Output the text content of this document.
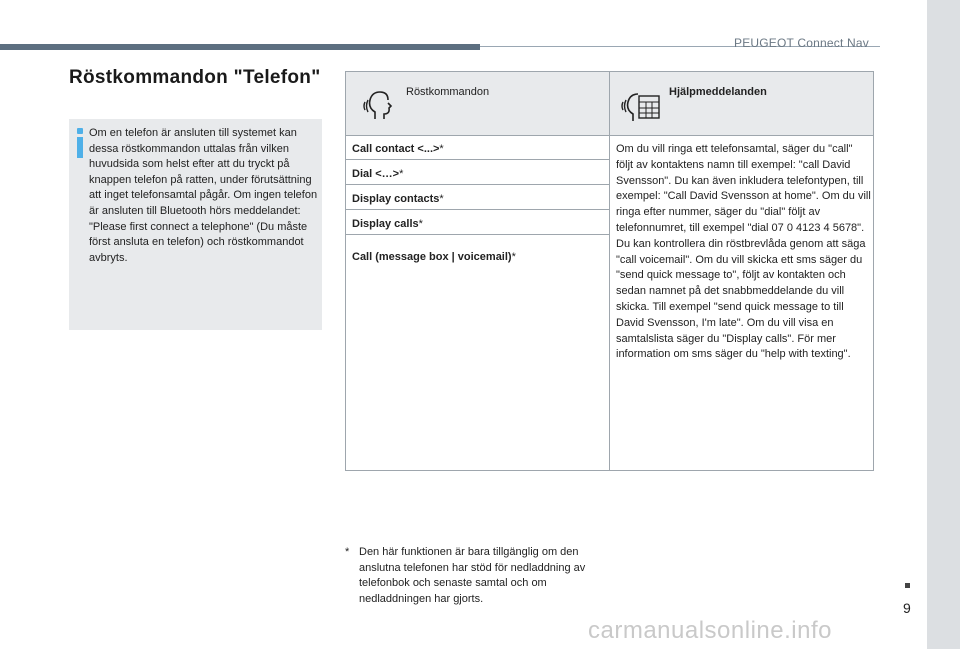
PEUGEOT Connect Nav
9
Röstkommandon "Telefon"
Om en telefon är ansluten till systemet kan dessa röstkommandon uttalas från vilken huvudsida som helst efter att du tryckt på knappen telefon på ratten, under förutsättning att inget telefonsamtal pågår. Om ingen telefon är ansluten till Bluetooth hörs meddelandet: "Please first connect a telephone" (Du måste först ansluta en telefon) och röstkommandot avbryts.
Röstkommandon	Hjälpmeddelanden
Call contact <...>*
Dial <…>*
Display contacts*
Display calls*
Call (message box | voicemail)*
Om du vill ringa ett telefonsamtal, säger du "call" följt av kontaktens namn till exempel: "call David Svensson". Du kan även inkludera telefontypen, till exempel: "Call David Svensson at home". Om du vill ringa efter nummer, säger du "dial" följt av telefonnumret, till exempel "dial 07 0 4123 4 5678". Du kan kontrollera din röstbrevlåda genom att säga "call voicemail". Om du vill skicka ett sms säger du "send quick message to", följt av kontakten och sedan namnet på det snabbmeddelande du vill skicka. Till exempel "send quick message to till David Svensson, I'm late". Om du vill visa en samtalslista säger du "Display calls". För mer information om sms säger du "help with texting".
* Den här funktionen är bara tillgänglig om den anslutna telefonen har stöd för nedladdning av telefonbok och senaste samtal och om nedladdningen har gjorts.
carmanualsonline.info
